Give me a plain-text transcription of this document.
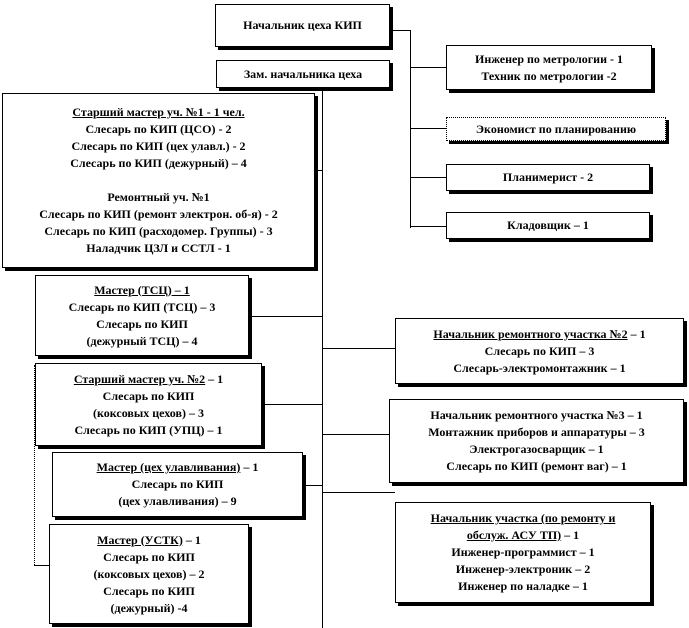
Начальник цеха КИП
Зам. начальника цеха
Инженер по метрологии - 1
Техник по метрологии -2
Экономист по планированию
Планимерист - 2
Кладовщик – 1
Старший мастер уч. №1 - 1 чел.
Слесарь по КИП (ЦСО) - 2
Слесарь по КИП (цех улавл.) - 2
Слесарь по КИП (дежурный) – 4
Ремонтный уч. №1
Слесарь по КИП (ремонт электрон. об-я) - 2
Слесарь по КИП (расходомер. Группы) - 3
Наладчик ЦЗЛ и ССТЛ - 1
Мастер (ТСЦ) – 1
Слесарь по КИП (ТСЦ) – 3
Слесарь по КИП
(дежурный ТСЦ) – 4
Старший мастер уч. №2 – 1
Слесарь по КИП
(коксовых цехов) – 3
Слесарь по КИП (УПЦ) – 1
Мастер (цех улавливания) – 1
Слесарь по КИП
(цех улавливания) – 9
Мастер (УСТК) – 1
Слесарь по КИП
(коксовых цехов) – 2
Слесарь по КИП
(дежурный) -4
Начальник ремонтного участка №2 – 1
Слесарь по КИП – 3
Слесарь-электромонтажник – 1
Начальник ремонтного участка №3 – 1
Монтажник приборов и аппаратуры – 3
Электрогазосварщик – 1
Слесарь по КИП (ремонт ваг) – 1
Начальник участка (по ремонту и
обслуж. АСУ ТП) – 1
Инженер-программист – 1
Инженер-электроник – 2
Инженер по наладке – 1
